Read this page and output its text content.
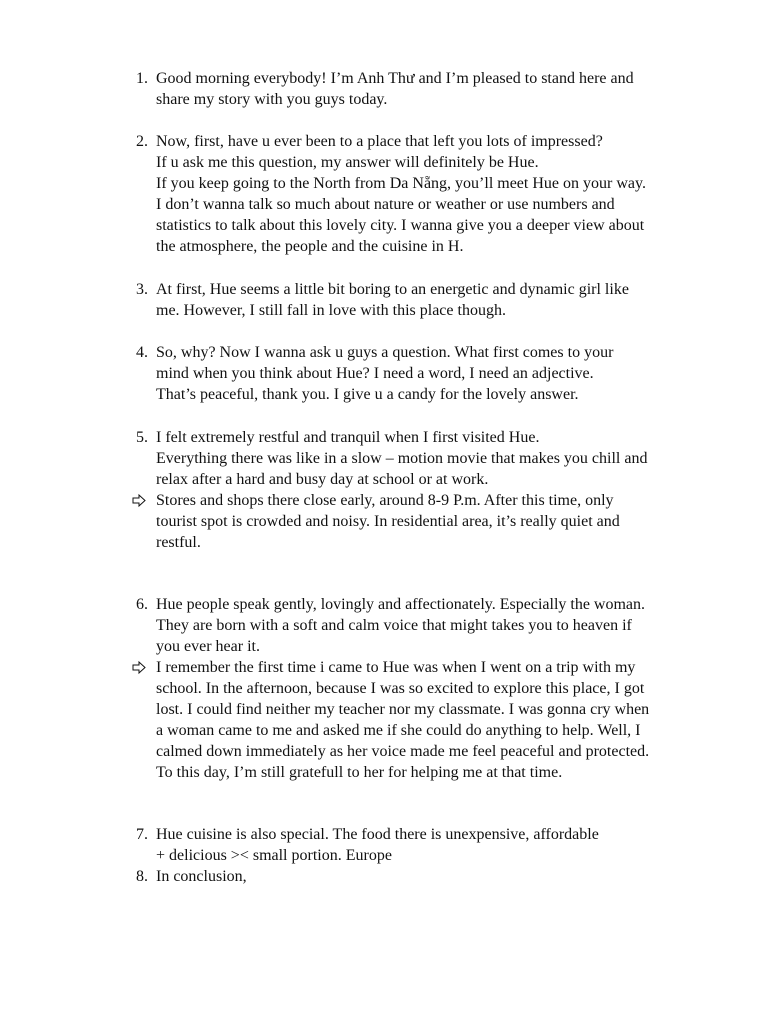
1. Good morning everybody! I’m Anh Thư and I’m pleased to stand here and
share my story with you guys today.
2. Now, first, have u ever been to a place that left you lots of impressed?
If u ask me this question, my answer will definitely be Hue.
If you keep going to the North from Da Nẵng, you’ll meet Hue on your way.
I don’t wanna talk so much about nature or weather or use numbers and
statistics to talk about this lovely city. I wanna give you a deeper view about
the atmosphere, the people and the cuisine in H.
3. At first, Hue seems a little bit boring to an energetic and dynamic girl like
me. However, I still fall in love with this place though.
4. So, why? Now I wanna ask u guys a question. What first comes to your
mind when you think about Hue? I need a word, I need an adjective.
That’s peaceful, thank you. I give u a candy for the lovely answer.
5. I felt extremely restful and tranquil when I first visited Hue.
Everything there was like in a slow – motion movie that makes you chill and
relax after a hard and busy day at school or at work.
Stores and shops there close early, around 8-9 P.m. After this time, only
tourist spot is crowded and noisy. In residential area, it’s really quiet and
restful.
6. Hue people speak gently, lovingly and affectionately. Especially the woman.
They are born with a soft and calm voice that might takes you to heaven if
you ever hear it.
I remember the first time i came to Hue was when I went on a trip with my
school. In the afternoon, because I was so excited to explore this place, I got
lost. I could find neither my teacher nor my classmate. I was gonna cry when
a woman came to me and asked me if she could do anything to help. Well, I
calmed down immediately as her voice made me feel peaceful and protected.
To this day, I’m still gratefull to her for helping me at that time.
7. Hue cuisine is also special. The food there is unexpensive, affordable
+ delicious >< small portion. Europe
8. In conclusion,
